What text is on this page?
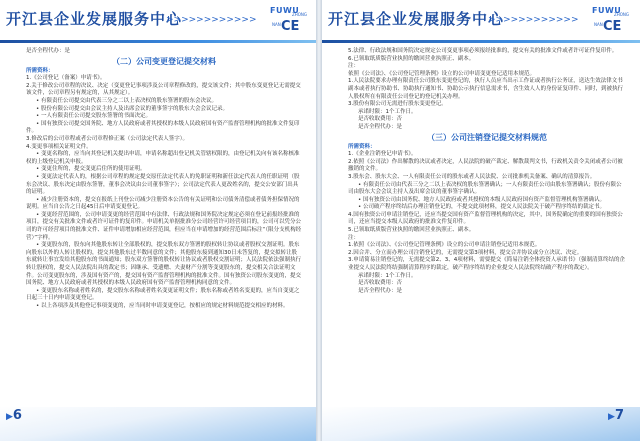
开江县企业发展服务中心
>>>>>>>>>>>>
FUWU
ZHONG
NAN CE

是否全程代办：是

（二）公司变更登记提交材料

所需资料：

1.《公司登记（备案）申请书》。

2.关于修改公司章程的决议、决定（变更登记事项涉及公司章程修改的，提交该文件；其中股东变更登记无需提交该文件，公司章程另有规定的，从其规定）。

• 有限责任公司提交由代表三分之二以上表决权的股东签署的股东会决议。

• 股份有限公司提交由会议主持人及出席会议的董事签字的股东大会会议记录。

• 一人有限责任公司提交股东签署的书面决定。

• 国有独资公司提交国务院、地方人民政府或者其授权的本级人民政府国有资产监督管理机构的批准文件复印件。

3.修改后的公司章程或者公司章程修正案（公司法定代表人签字）。

4.变更事项相关证明文件。

• 变更名称的，应当向其登记机关提出申请，申请名称超出登记机关管辖权限的，由登记机关向有该名称核准权的上级登记机关申报。

• 变更住所的，提交变更后住所的使用证明。

• 变更法定代表人的，根据公司章程的规定提交原任法定代表人的免职证明和新任法定代表人的任职证明（股东会决议、股东决定由股东签署，董事会决议由公司董事签字）；公司法定代表人更改姓名的，提交公安部门出具的证明。

• 减少注册资本的，提交在报纸上刊登公司减少注册资本公告的有关证明和公司债务清偿或者债务担保情况的说明。应当自公告之日起45日后申请变更登记。

• 变更经营范围的，公司申请变更的经营范围中有法律、行政法规和国务院决定规定必须在登记前报经批准的项目，提交有关批准文件或者许可证件的复印件。申请机关单据批准分公司经营许可经营项目的，公司可以凭分公司的许可经营项目的批准文件、证件申请增加相应经营范围，但应当在申请增加的经营范围后标注“（限分支机构经营）”字样。

• 变更股东的，股东向其他股东转让全部股权的，提交股东双方签署的股权转让协议或者股权交割证明。股东向股东以外的人转让股权的，提交其他股东过半数同意的文件；其他股东接到通知30日未答复的，提交拟转让股东就转让事宜发给其他股东的书面通知；股东双方签署的股权转让协议或者股权交割证明；人民法院依法强制执行转让股权的，提交人民法院出具的裁定书；因继承、受遗赠、夫妻财产分割等变更股东的，提交相关合法证明文件。公司变更股东的，涉及国有资产的，提交国有资产监督管理机构的批准文件。国有独资公司股东变更的，提交国务院、地方人民政府或者其授权的本级人民政府国有资产监督管理机构同意的文件。

• 变更股东名称或者姓名的，提交股东名称或者姓名变更证明文件；股东名称或者姓名变更的，应当自变更之日起三十日内申请变更登记。

• 以上各项涉及其他登记事项变更的，应当同时申请变更登记，按相应的规定材料规范提交相应的材料。

▶6
开江县企业发展服务中心
>>>>>>>>>>>>
FUWU
ZHONG
NAN CE

5.法律、行政法规和国务院决定规定公司变更事项必须报经批准的，提交有关的批准文件或者许可证件复印件。

6.已领取纸质版营业执照的缴回营业执照正、副本。

注：

依照《公司法》、《公司登记管理条例》设立的公司申请变更登记适用本规范。

1.人民法院要求办理有限责任公司股东变更登记的，执行人员应当出示工作证或者执行公务证，送达生效法律文书副本或者执行协助书、协助执行通知书、协助公示执行信息需求书，含生效人人的身份证复印件、同时，到被执行人股权所在有限责任公司登记的登记机关办理。

3.股份有限公司无需进行股东变更登记。

承诺时限：1个工作日。

是否收取费用：否

是否全程代办：是

（三）公司注销登记提交材料规范

所需资料：

1.《企业注销登记申请书》。

2.依照《公司法》作出解散的决议或者决定，人民法院的破产裁定、解散裁判文书，行政机关责令关闭或者公司被撤销的文件。

3.股东会、股东大会、一人有限责任公司的股东或者人民法院、公司批准机关备案、确认的清算报告。

• 有限责任公司由代表三分之二以上表决权的股东签署确认；一人有限责任公司由股东签署确认；股份有限公司由股东大会会议主持人及出席会议的董事签字确认。

• 国有独资公司由国务院、地方人民政府或者其授权的本级人民政府国有资产监督管理机构签署确认。

• 公司破产程序终结后办理注销登记的，不提交此项材料，提交人民法院关于破产程序终结的裁定书。

4.国有独资公司申请注销登记，还应当提交国有资产监督管理机构的决定，其中，国务院确定的重要的国有独资公司，还应当提交本级人民政府的批准文件复印件。

5.已领取纸质版营业执照的缴回营业执照正、副本。

注：

1.依照《公司法》、《公司登记管理条例》设立的公司申请注销登记适用本规范。

2.因合并、分立而办理公司注销登记的，无需提交第3项材料，提交合并协议或分立决议、决定。

3.申请简易注销登记的，无需提交第2、3、4项材料，需要提交《简易注销全体投资人承诺书》（强制清算终结的企业提交人民法院终结强制清算程序的裁定，破产程序终结的企业提交人民法院终结破产程序的裁定）。

承诺时限：1个工作日。

是否收取费用：否

是否全程代办：是

▶7
